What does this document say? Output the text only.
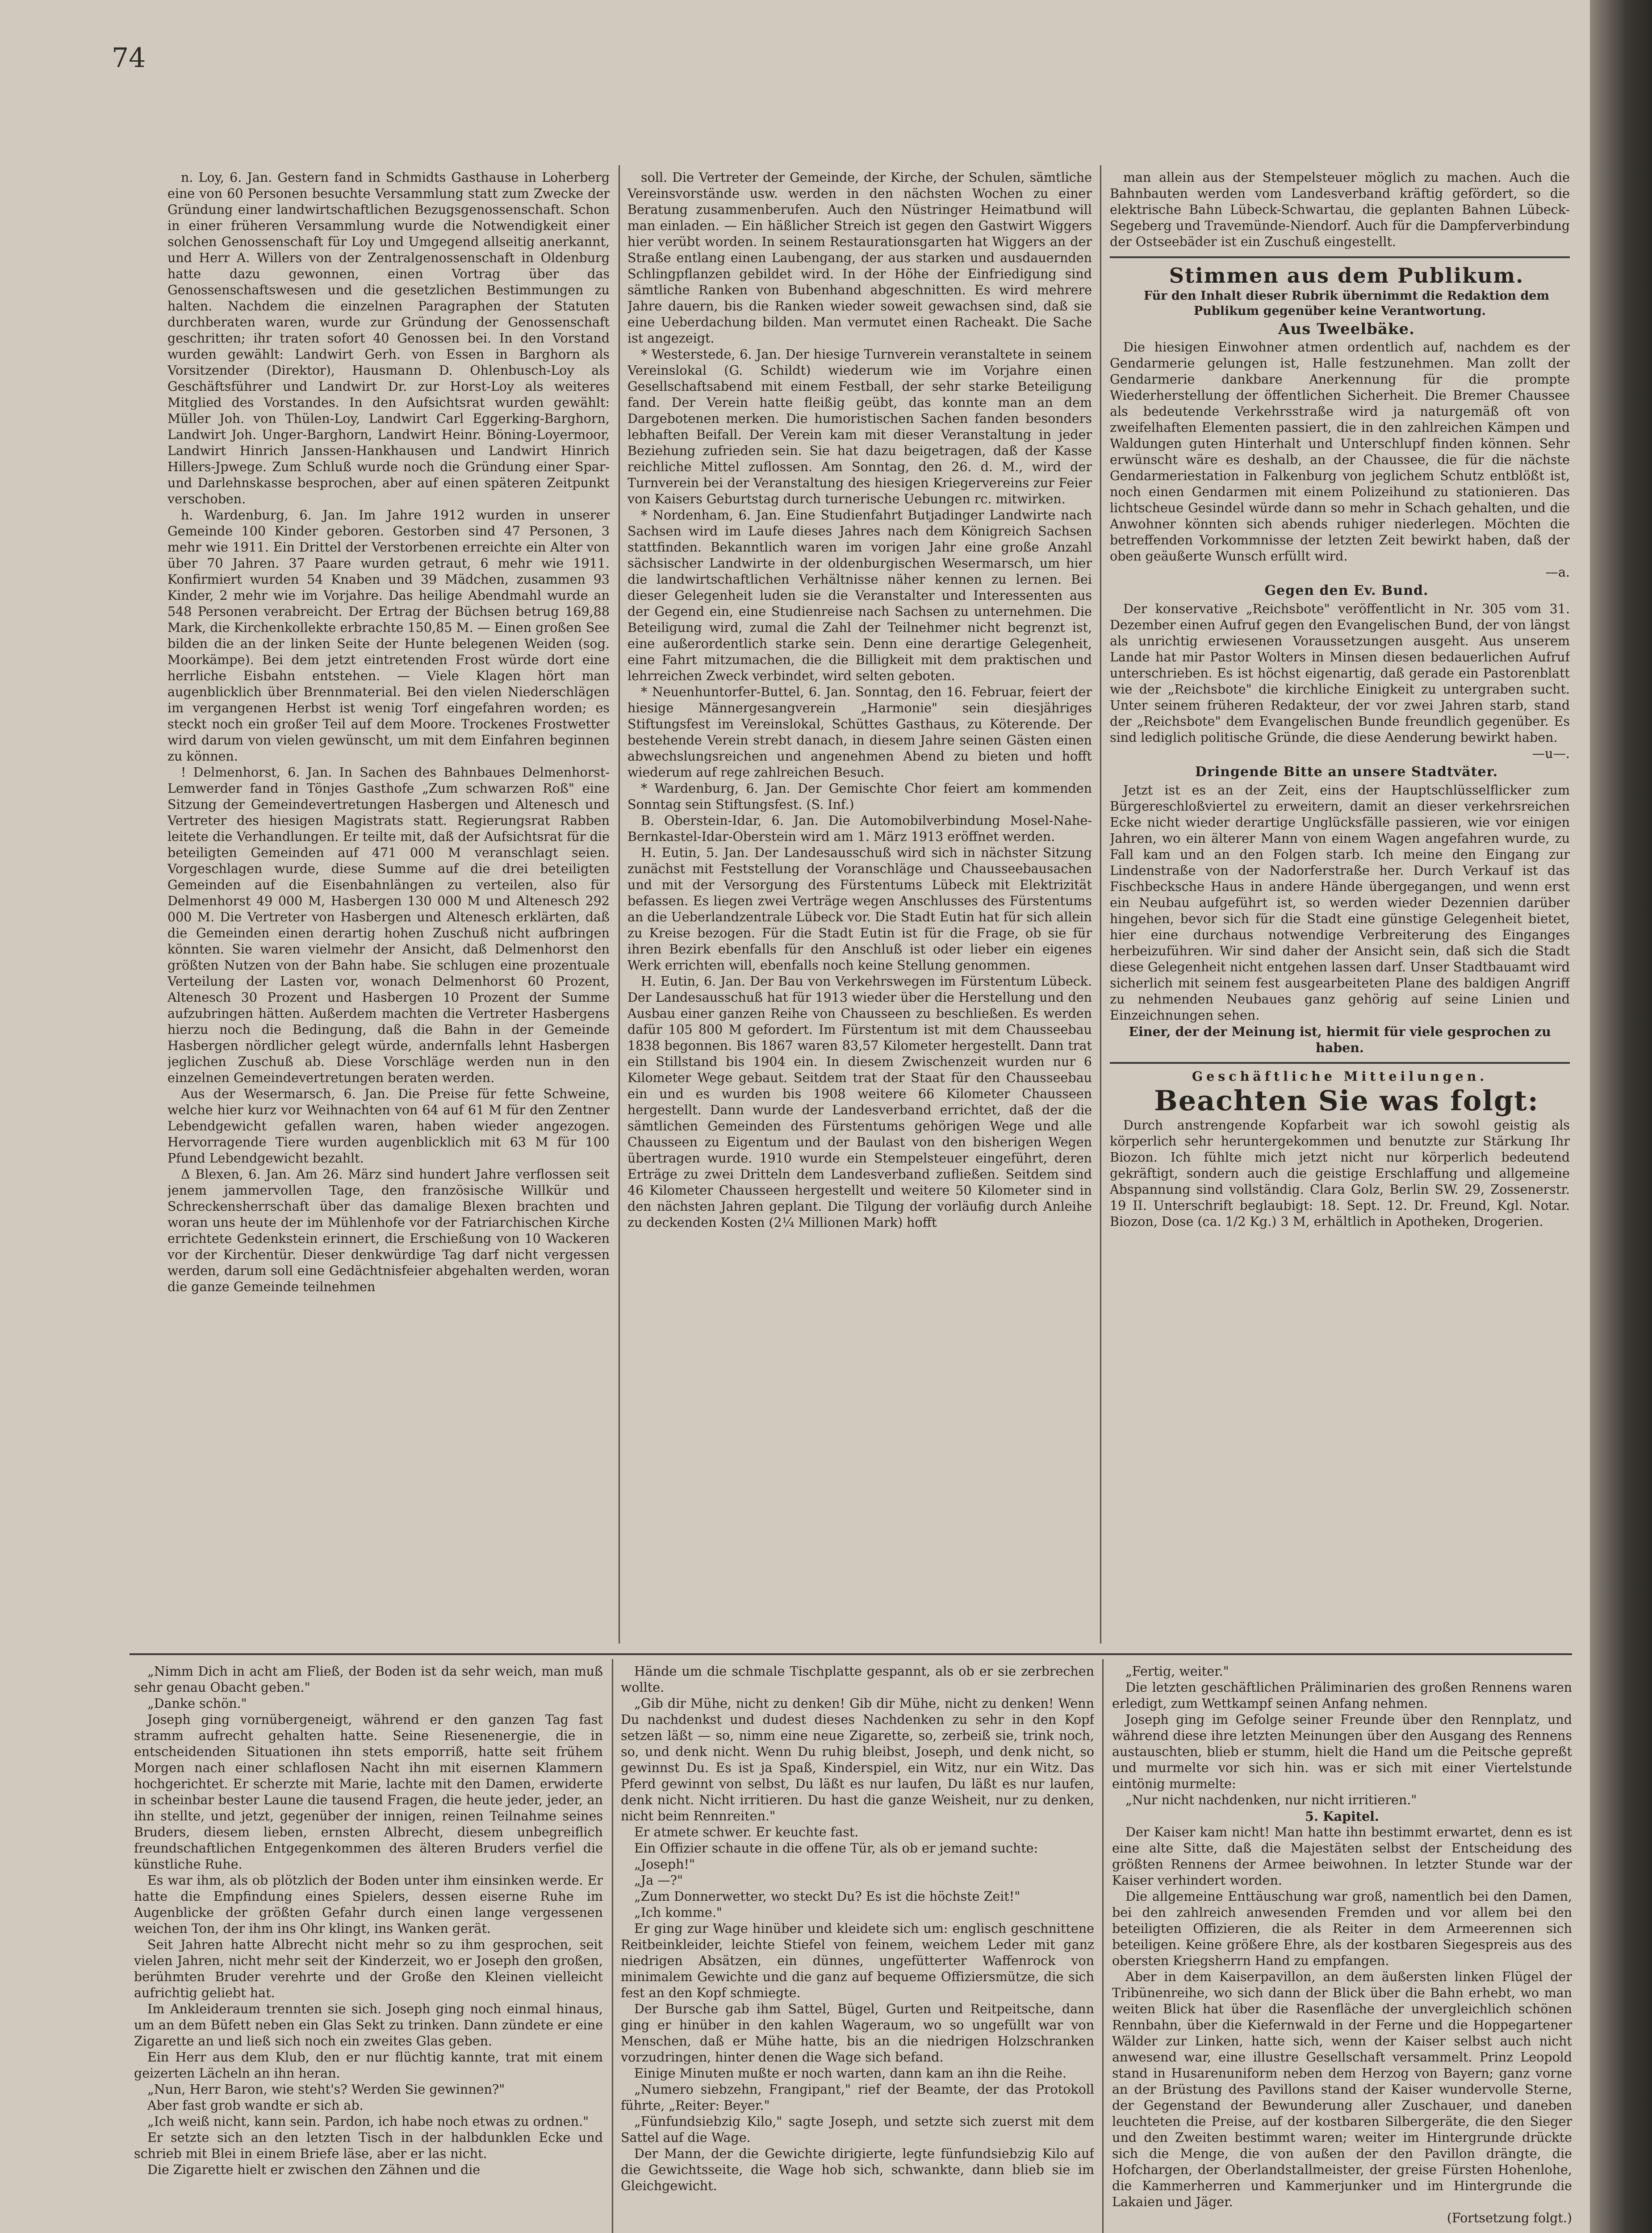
74

n. Loy, 6. Jan. Gestern fand in Schmidts Gasthause in Loherberg eine von 60 Personen besuchte Versammlung statt zum Zwecke der Gründung einer landwirtschaftlichen Bezugsgenossenschaft. Schon in einer früheren Versammlung wurde die Notwendigkeit einer solchen Genossenschaft für Loy und Umgegend allseitig anerkannt, und Herr A. Willers von der Zentralgenossenschaft in Oldenburg hatte dazu gewonnen, einen Vortrag über das Genossenschaftswesen und die gesetzlichen Bestimmungen zu halten. Nachdem die einzelnen Paragraphen der Statuten durchberaten waren, wurde zur Gründung der Genossenschaft geschritten; ihr traten sofort 40 Genossen bei. In den Vorstand wurden gewählt: Landwirt Gerh. von Essen in Barghorn als Vorsitzender (Direktor), Hausmann D. Ohlenbusch-Loy als Geschäftsführer und Landwirt Dr. zur Horst-Loy als weiteres Mitglied des Vorstandes. In den Aufsichtsrat wurden gewählt: Müller Joh. von Thülen-Loy, Landwirt Carl Eggerking-Barghorn, Landwirt Joh. Unger-Barghorn, Landwirt Heinr. Böning-Loyermoor, Landwirt Hinrich Janssen-Hankhausen und Landwirt Hinrich Hillers-Jpwege. Zum Schluß wurde noch die Gründung einer Spar- und Darlehnskasse besprochen, aber auf einen späteren Zeitpunkt verschoben.

h. Wardenburg, 6. Jan. Im Jahre 1912 wurden in unserer Gemeinde 100 Kinder geboren. Gestorben sind 47 Personen, 3 mehr wie 1911. Ein Drittel der Verstorbenen erreichte ein Alter von über 70 Jahren. 37 Paare wurden getraut, 6 mehr wie 1911. Konfirmiert wurden 54 Knaben und 39 Mädchen, zusammen 93 Kinder, 2 mehr wie im Vorjahre. Das heilige Abendmahl wurde an 548 Personen verabreicht. Der Ertrag der Büchsen betrug 169,88 Mark, die Kirchenkollekte erbrachte 150,85 M. — Einen großen See bilden die an der linken Seite der Hunte belegenen Weiden (sog. Moorkämpe). Bei dem jetzt eintretenden Frost würde dort eine herrliche Eisbahn entstehen. — Viele Klagen hört man augenblicklich über Brennmaterial. Bei den vielen Niederschlägen im vergangenen Herbst ist wenig Torf eingefahren worden; es steckt noch ein großer Teil auf dem Moore. Trockenes Frostwetter wird darum von vielen gewünscht, um mit dem Einfahren beginnen zu können.

! Delmenhorst, 6. Jan. In Sachen des Bahnbaues Delmenhorst-Lemwerder fand in Tönjes Gasthofe „Zum schwarzen Roß" eine Sitzung der Gemeindevertretungen Hasbergen und Altenesch und Vertreter des hiesigen Magistrats statt. Regierungsrat Rabben leitete die Verhandlungen. Er teilte mit, daß der Aufsichtsrat für die beteiligten Gemeinden auf 471 000 M veranschlagt seien. Vorgeschlagen wurde, diese Summe auf die drei beteiligten Gemeinden auf die Eisenbahnlängen zu verteilen, also für Delmenhorst 49 000 M, Hasbergen 130 000 M und Altenesch 292 000 M. Die Vertreter von Hasbergen und Altenesch erklärten, daß die Gemeinden einen derartig hohen Zuschuß nicht aufbringen könnten. Sie waren vielmehr der Ansicht, daß Delmenhorst den größten Nutzen von der Bahn habe. Sie schlugen eine prozentuale Verteilung der Lasten vor, wonach Delmenhorst 60 Prozent, Altenesch 30 Prozent und Hasbergen 10 Prozent der Summe aufzubringen hätten. Außerdem machten die Vertreter Hasbergens hierzu noch die Bedingung, daß die Bahn in der Gemeinde Hasbergen nördlicher gelegt würde, andernfalls lehnt Hasbergen jeglichen Zuschuß ab. Diese Vorschläge werden nun in den einzelnen Gemeindevertretungen beraten werden.

Aus der Wesermarsch, 6. Jan. Die Preise für fette Schweine, welche hier kurz vor Weihnachten von 64 auf 61 M für den Zentner Lebendgewicht gefallen waren, haben wieder angezogen. Hervorragende Tiere wurden augenblicklich mit 63 M für 100 Pfund Lebendgewicht bezahlt.

Δ Blexen, 6. Jan. Am 26. März sind hundert Jahre verflossen seit jenem jammervollen Tage, den französische Willkür und Schreckensherrschaft über das damalige Blexen brachten und woran uns heute der im Mühlenhofe vor der Fatriarchischen Kirche errichtete Gedenkstein erinnert, die Erschießung von 10 Wackeren vor der Kirchentür. Dieser denkwürdige Tag darf nicht vergessen werden, darum soll eine Gedächtnisfeier abgehalten werden, woran die ganze Gemeinde teilnehmen

soll. Die Vertreter der Gemeinde, der Kirche, der Schulen, sämtliche Vereinsvorstände usw. werden in den nächsten Wochen zu einer Beratung zusammenberufen. Auch den Nüstringer Heimatbund will man einladen. — Ein häßlicher Streich ist gegen den Gastwirt Wiggers hier verübt worden. In seinem Restaurationsgarten hat Wiggers an der Straße entlang einen Laubengang, der aus starken und ausdauernden Schlingpflanzen gebildet wird. In der Höhe der Einfriedigung sind sämtliche Ranken von Bubenhand abgeschnitten. Es wird mehrere Jahre dauern, bis die Ranken wieder soweit gewachsen sind, daß sie eine Ueberdachung bilden. Man vermutet einen Racheakt. Die Sache ist angezeigt.

* Westerstede, 6. Jan. Der hiesige Turnverein veranstaltete in seinem Vereinslokal (G. Schildt) wiederum wie im Vorjahre einen Gesellschaftsabend mit einem Festball, der sehr starke Beteiligung fand. Der Verein hatte fleißig geübt, das konnte man an dem Dargebotenen merken. Die humoristischen Sachen fanden besonders lebhaften Beifall. Der Verein kam mit dieser Veranstaltung in jeder Beziehung zufrieden sein. Sie hat dazu beigetragen, daß der Kasse reichliche Mittel zuflossen. Am Sonntag, den 26. d. M., wird der Turnverein bei der Veranstaltung des hiesigen Kriegervereins zur Feier von Kaisers Geburtstag durch turnerische Uebungen rc. mitwirken.

* Nordenham, 6. Jan. Eine Studienfahrt Butjadinger Landwirte nach Sachsen wird im Laufe dieses Jahres nach dem Königreich Sachsen stattfinden. Bekanntlich waren im vorigen Jahr eine große Anzahl sächsischer Landwirte in der oldenburgischen Wesermarsch, um hier die landwirtschaftlichen Verhältnisse näher kennen zu lernen. Bei dieser Gelegenheit luden sie die Veranstalter und Interessenten aus der Gegend ein, eine Studienreise nach Sachsen zu unternehmen. Die Beteiligung wird, zumal die Zahl der Teilnehmer nicht begrenzt ist, eine außerordentlich starke sein. Denn eine derartige Gelegenheit, eine Fahrt mitzumachen, die die Billigkeit mit dem praktischen und lehrreichen Zweck verbindet, wird selten geboten.

* Neuenhuntorfer-Buttel, 6. Jan. Sonntag, den 16. Februar, feiert der hiesige Männergesangverein „Harmonie" sein diesjähriges Stiftungsfest im Vereinslokal, Schüttes Gasthaus, zu Köterende. Der bestehende Verein strebt danach, in diesem Jahre seinen Gästen einen abwechslungsreichen und angenehmen Abend zu bieten und hofft wiederum auf rege zahlreichen Besuch.

* Wardenburg, 6. Jan. Der Gemischte Chor feiert am kommenden Sonntag sein Stiftungsfest. (S. Inf.)

B. Oberstein-Idar, 6. Jan. Die Automobilverbindung Mosel-Nahe-Bernkastel-Idar-Oberstein wird am 1. März 1913 eröffnet werden.

H. Eutin, 5. Jan. Der Landesausschuß wird sich in nächster Sitzung zunächst mit Feststellung der Voranschläge und Chausseebausachen und mit der Versorgung des Fürstentums Lübeck mit Elektrizität befassen. Es liegen zwei Verträge wegen Anschlusses des Fürstentums an die Ueberlandzentrale Lübeck vor. Die Stadt Eutin hat für sich allein zu Kreise bezogen. Für die Stadt Eutin ist für die Frage, ob sie für ihren Bezirk ebenfalls für den Anschluß ist oder lieber ein eigenes Werk errichten will, ebenfalls noch keine Stellung genommen.

H. Eutin, 6. Jan. Der Bau von Verkehrswegen im Fürstentum Lübeck. Der Landesausschuß hat für 1913 wieder über die Herstellung und den Ausbau einer ganzen Reihe von Chausseen zu beschließen. Es werden dafür 105 800 M gefordert. Im Fürstentum ist mit dem Chausseebau 1838 begonnen. Bis 1867 waren 83,57 Kilometer hergestellt. Dann trat ein Stillstand bis 1904 ein. In diesem Zwischenzeit wurden nur 6 Kilometer Wege gebaut. Seitdem trat der Staat für den Chausseebau ein und es wurden bis 1908 weitere 66 Kilometer Chausseen hergestellt. Dann wurde der Landesverband errichtet, daß der die sämtlichen Gemeinden des Fürstentums gehörigen Wege und alle Chausseen zu Eigentum und der Baulast von den bisherigen Wegen übertragen wurde. 1910 wurde ein Stempelsteuer eingeführt, deren Erträge zu zwei Dritteln dem Landesverband zufließen. Seitdem sind 46 Kilometer Chausseen hergestellt und weitere 50 Kilometer sind in den nächsten Jahren geplant. Die Tilgung der vorläufig durch Anleihe zu deckenden Kosten (2¼ Millionen Mark) hofft

man allein aus der Stempelsteuer möglich zu machen. Auch die Bahnbauten werden vom Landesverband kräftig gefördert, so die elektrische Bahn Lübeck-Schwartau, die geplanten Bahnen Lübeck-Segeberg und Travemünde-Niendorf. Auch für die Dampferverbindung der Ostseebäder ist ein Zuschuß eingestellt.

Stimmen aus dem Publikum.

Für den Inhalt dieser Rubrik übernimmt die Redaktion dem Publikum gegenüber keine Verantwortung.

Aus Tweelbäke.

Die hiesigen Einwohner atmen ordentlich auf, nachdem es der Gendarmerie gelungen ist, Halle festzunehmen. Man zollt der Gendarmerie dankbare Anerkennung für die prompte Wiederherstellung der öffentlichen Sicherheit. Die Bremer Chaussee als bedeutende Verkehrsstraße wird ja naturgemäß oft von zweifelhaften Elementen passiert, die in den zahlreichen Kämpen und Waldungen guten Hinterhalt und Unterschlupf finden können. Sehr erwünscht wäre es deshalb, an der Chaussee, die für die nächste Gendarmeriestation in Falkenburg von jeglichem Schutz entblößt ist, noch einen Gendarmen mit einem Polizeihund zu stationieren. Das lichtscheue Gesindel würde dann so mehr in Schach gehalten, und die Anwohner könnten sich abends ruhiger niederlegen. Möchten die betreffenden Vorkommnisse der letzten Zeit bewirkt haben, daß der oben geäußerte Wunsch erfüllt wird.

—a.

Gegen den Ev. Bund.

Der konservative „Reichsbote" veröffentlicht in Nr. 305 vom 31. Dezember einen Aufruf gegen den Evangelischen Bund, der von längst als unrichtig erwiesenen Voraussetzungen ausgeht. Aus unserem Lande hat mir Pastor Wolters in Minsen diesen bedauerlichen Aufruf unterschrieben. Es ist höchst eigenartig, daß gerade ein Pastorenblatt wie der „Reichsbote" die kirchliche Einigkeit zu untergraben sucht. Unter seinem früheren Redakteur, der vor zwei Jahren starb, stand der „Reichsbote" dem Evangelischen Bunde freundlich gegenüber. Es sind lediglich politische Gründe, die diese Aenderung bewirkt haben.

—u—.

Dringende Bitte an unsere Stadtväter.

Jetzt ist es an der Zeit, eins der Hauptschlüsselflicker zum Bürgereschloßviertel zu erweitern, damit an dieser verkehrsreichen Ecke nicht wieder derartige Unglücksfälle passieren, wie vor einigen Jahren, wo ein älterer Mann von einem Wagen angefahren wurde, zu Fall kam und an den Folgen starb. Ich meine den Eingang zur Lindenstraße von der Nadorferstraße her. Durch Verkauf ist das Fischbecksche Haus in andere Hände übergegangen, und wenn erst ein Neubau aufgeführt ist, so werden wieder Dezennien darüber hingehen, bevor sich für die Stadt eine günstige Gelegenheit bietet, hier eine durchaus notwendige Verbreiterung des Einganges herbeizuführen. Wir sind daher der Ansicht sein, daß sich die Stadt diese Gelegenheit nicht entgehen lassen darf. Unser Stadtbauamt wird sicherlich mit seinem fest ausgearbeiteten Plane des baldigen Angriff zu nehmenden Neubaues ganz gehörig auf seine Linien und Einzeichnungen sehen.

Einer, der der Meinung ist, hiermit für viele gesprochen zu haben.

Geschäftliche Mitteilungen.

Beachten Sie was folgt:

Durch anstrengende Kopfarbeit war ich sowohl geistig als körperlich sehr heruntergekommen und benutzte zur Stärkung Ihr Biozon. Ich fühlte mich jetzt nicht nur körperlich bedeutend gekräftigt, sondern auch die geistige Erschlaffung und allgemeine Abspannung sind vollständig. Clara Golz, Berlin SW. 29, Zossenerstr. 19 II. Unterschrift beglaubigt: 18. Sept. 12. Dr. Freund, Kgl. Notar. Biozon, Dose (ca. 1/2 Kg.) 3 M, erhältlich in Apotheken, Drogerien.

„Nimm Dich in acht am Fließ, der Boden ist da sehr weich, man muß sehr genau Obacht geben."

„Danke schön."

Joseph ging vornübergeneigt, während er den ganzen Tag fast stramm aufrecht gehalten hatte. Seine Riesenenergie, die in entscheidenden Situationen ihn stets emporriß, hatte seit frühem Morgen nach einer schlaflosen Nacht ihn mit eisernen Klammern hochgerichtet. Er scherzte mit Marie, lachte mit den Damen, erwiderte in scheinbar bester Laune die tausend Fragen, die heute jeder, jeder, an ihn stellte, und jetzt, gegenüber der innigen, reinen Teilnahme seines Bruders, diesem lieben, ernsten Albrecht, diesem unbegreiflich freundschaftlichen Entgegenkommen des älteren Bruders verfiel die künstliche Ruhe.

Es war ihm, als ob plötzlich der Boden unter ihm einsinken werde. Er hatte die Empfindung eines Spielers, dessen eiserne Ruhe im Augenblicke der größten Gefahr durch einen lange vergessenen weichen Ton, der ihm ins Ohr klingt, ins Wanken gerät.

Seit Jahren hatte Albrecht nicht mehr so zu ihm gesprochen, seit vielen Jahren, nicht mehr seit der Kinderzeit, wo er Joseph den großen, berühmten Bruder verehrte und der Große den Kleinen vielleicht aufrichtig geliebt hat.

Im Ankleideraum trennten sie sich. Joseph ging noch einmal hinaus, um an dem Büfett neben ein Glas Sekt zu trinken. Dann zündete er eine Zigarette an und ließ sich noch ein zweites Glas geben.

Ein Herr aus dem Klub, den er nur flüchtig kannte, trat mit einem geizerten Lächeln an ihn heran.

„Nun, Herr Baron, wie steht's? Werden Sie gewinnen?"

Aber fast grob wandte er sich ab.

„Ich weiß nicht, kann sein. Pardon, ich habe noch etwas zu ordnen."

Er setzte sich an den letzten Tisch in der halbdunklen Ecke und schrieb mit Blei in einem Briefe läse, aber er las nicht.

Die Zigarette hielt er zwischen den Zähnen und die

Hände um die schmale Tischplatte gespannt, als ob er sie zerbrechen wollte.

„Gib dir Mühe, nicht zu denken! Gib dir Mühe, nicht zu denken! Wenn Du nachdenkst und dudest dieses Nachdenken zu sehr in den Kopf setzen läßt — so, nimm eine neue Zigarette, so, zerbeiß sie, trink noch, so, und denk nicht. Wenn Du ruhig bleibst, Joseph, und denk nicht, so gewinnst Du. Es ist ja Spaß, Kinderspiel, ein Witz, nur ein Witz. Das Pferd gewinnt von selbst, Du läßt es nur laufen, Du läßt es nur laufen, denk nicht. Nicht irritieren. Du hast die ganze Weisheit, nur zu denken, nicht beim Rennreiten."

Er atmete schwer. Er keuchte fast.

Ein Offizier schaute in die offene Tür, als ob er jemand suchte:

„Joseph!"

„Ja —?"

„Zum Donnerwetter, wo steckt Du? Es ist die höchste Zeit!"

„Ich komme."

Er ging zur Wage hinüber und kleidete sich um: englisch geschnittene Reitbeinkleider, leichte Stiefel von feinem, weichem Leder mit ganz niedrigen Absätzen, ein dünnes, ungefütterter Waffenrock von minimalem Gewichte und die ganz auf bequeme Offiziersmütze, die sich fest an den Kopf schmiegte.

Der Bursche gab ihm Sattel, Bügel, Gurten und Reitpeitsche, dann ging er hinüber in den kahlen Wageraum, wo so ungefüllt war von Menschen, daß er Mühe hatte, bis an die niedrigen Holzschranken vorzudringen, hinter denen die Wage sich befand.

Einige Minuten mußte er noch warten, dann kam an ihn die Reihe.

„Numero siebzehn, Frangipant," rief der Beamte, der das Protokoll führte, „Reiter: Beyer."

„Fünfundsiebzig Kilo," sagte Joseph, und setzte sich zuerst mit dem Sattel auf die Wage.

Der Mann, der die Gewichte dirigierte, legte fünfundsiebzig Kilo auf die Gewichtsseite, die Wage hob sich, schwankte, dann blieb sie im Gleichgewicht.

„Fertig, weiter."

Die letzten geschäftlichen Präliminarien des großen Rennens waren erledigt, zum Wettkampf seinen Anfang nehmen.

Joseph ging im Gefolge seiner Freunde über den Rennplatz, und während diese ihre letzten Meinungen über den Ausgang des Rennens austauschten, blieb er stumm, hielt die Hand um die Peitsche gepreßt und murmelte vor sich hin. was er sich mit einer Viertelstunde eintönig murmelte:

„Nur nicht nachdenken, nur nicht irritieren."

5. Kapitel.

Der Kaiser kam nicht! Man hatte ihn bestimmt erwartet, denn es ist eine alte Sitte, daß die Majestäten selbst der Entscheidung des größten Rennens der Armee beiwohnen. In letzter Stunde war der Kaiser verhindert worden.

Die allgemeine Enttäuschung war groß, namentlich bei den Damen, bei den zahlreich anwesenden Fremden und vor allem bei den beteiligten Offizieren, die als Reiter in dem Armeerennen sich beteiligen. Keine größere Ehre, als der kostbaren Siegespreis aus des obersten Kriegsherrn Hand zu empfangen.

Aber in dem Kaiserpavillon, an dem äußersten linken Flügel der Tribünenreihe, wo sich dann der Blick über die Bahn erhebt, wo man weiten Blick hat über die Rasenfläche der unvergleichlich schönen Rennbahn, über die Kiefernwald in der Ferne und die Hoppegartener Wälder zur Linken, hatte sich, wenn der Kaiser selbst auch nicht anwesend war, eine illustre Gesellschaft versammelt. Prinz Leopold stand in Husarenuniform neben dem Herzog von Bayern; ganz vorne an der Brüstung des Pavillons stand der Kaiser wundervolle Sterne, der Gegenstand der Bewunderung aller Zuschauer, und daneben leuchteten die Preise, auf der kostbaren Silbergeräte, die den Sieger und den Zweiten bestimmt waren; weiter im Hintergrunde drückte sich die Menge, die von außen der den Pavillon drängte, die Hofchargen, der Oberlandstallmeister, der greise Fürsten Hohenlohe, die Kammerherren und Kammerjunker und im Hintergrunde die Lakaien und Jäger.

(Fortsetzung folgt.)
